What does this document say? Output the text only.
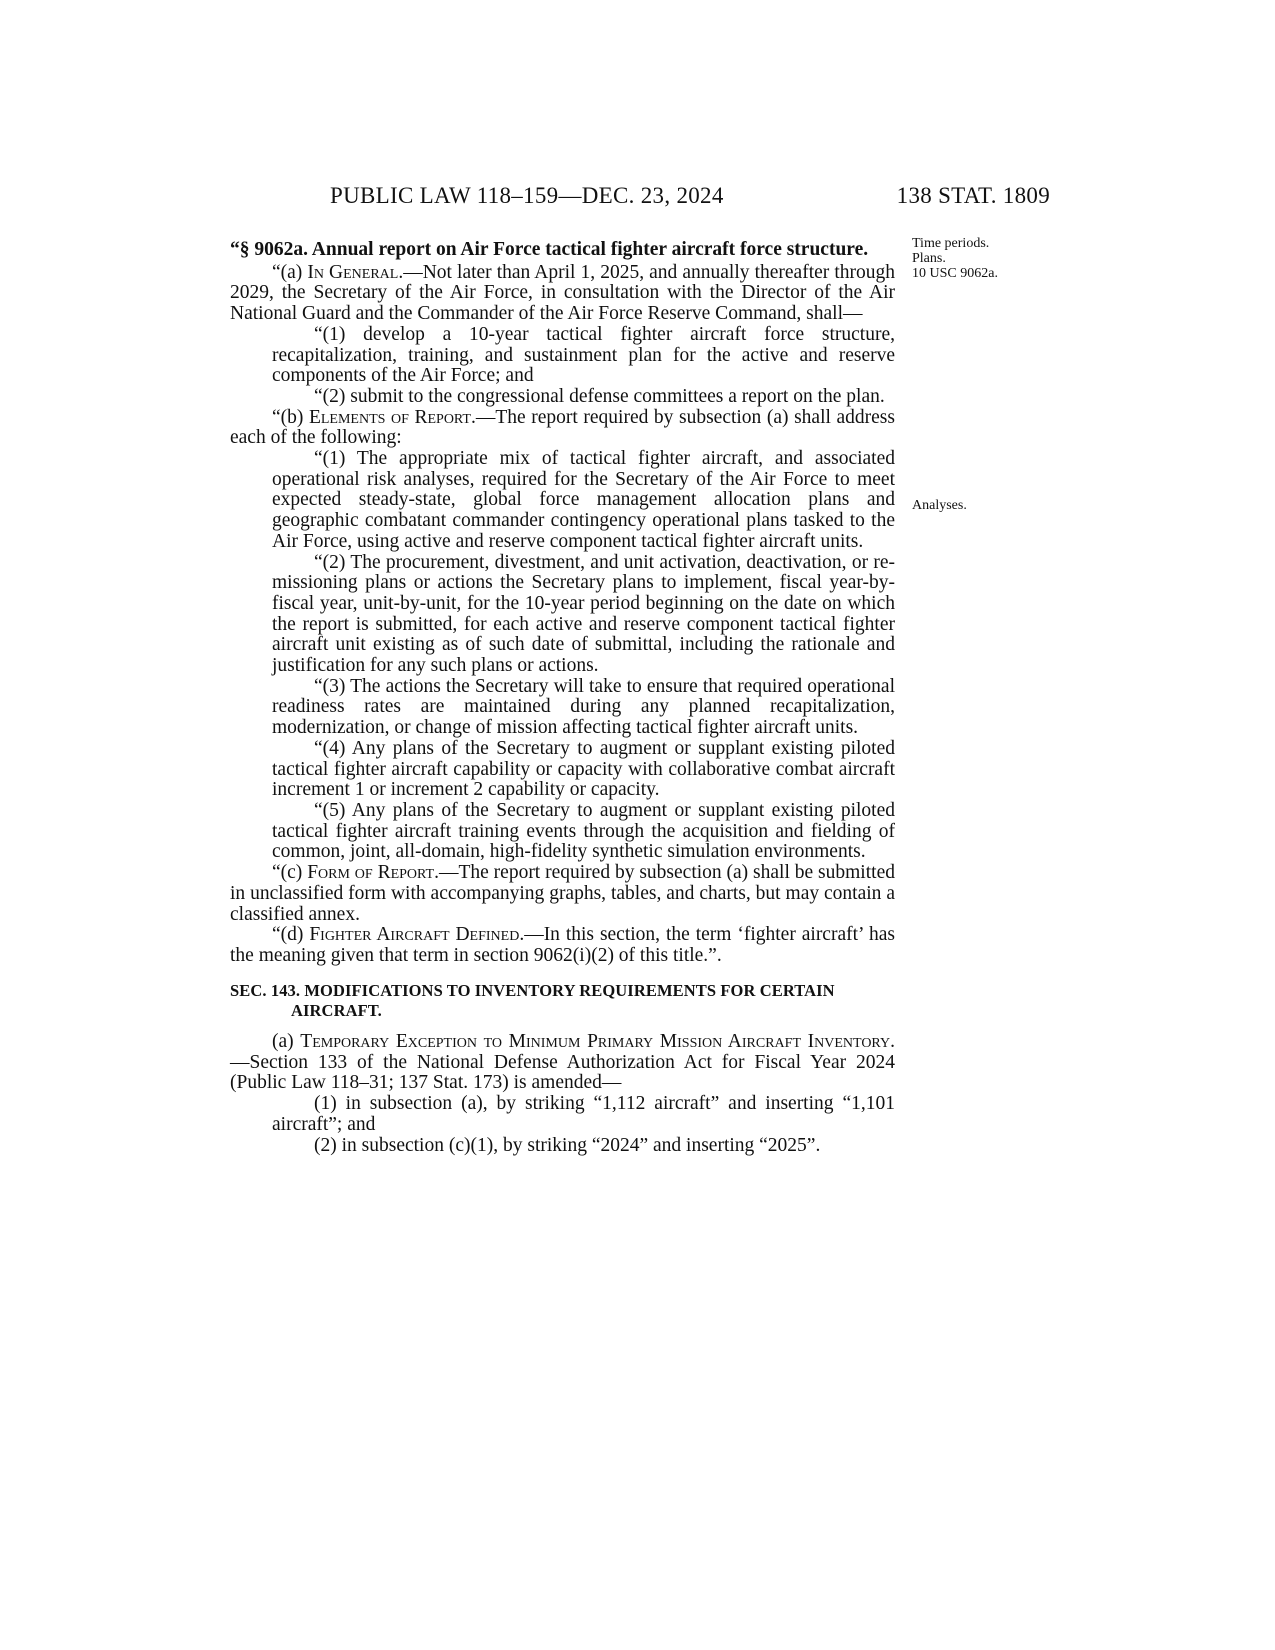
PUBLIC LAW 118–159—DEC. 23, 2024	138 STAT. 1809
Time periods.
Plans.
10 USC 9062a.
Analyses.
“§ 9062a. Annual report on Air Force tactical fighter aircraft force structure.

“(a) In General.—Not later than April 1, 2025, and annually thereafter through 2029, the Secretary of the Air Force, in consultation with the Director of the Air National Guard and the Commander of the Air Force Reserve Command, shall—

“(1) develop a 10-year tactical fighter aircraft force structure, recapitalization, training, and sustainment plan for the active and reserve components of the Air Force; and

“(2) submit to the congressional defense committees a report on the plan.

“(b) Elements of Report.—The report required by subsection (a) shall address each of the following:

“(1) The appropriate mix of tactical fighter aircraft, and associated operational risk analyses, required for the Secretary of the Air Force to meet expected steady-state, global force management allocation plans and geographic combatant commander contingency operational plans tasked to the Air Force, using active and reserve component tactical fighter aircraft units.

“(2) The procurement, divestment, and unit activation, deactivation, or re-missioning plans or actions the Secretary plans to implement, fiscal year-by-fiscal year, unit-by-unit, for the 10-year period beginning on the date on which the report is submitted, for each active and reserve component tactical fighter aircraft unit existing as of such date of submittal, including the rationale and justification for any such plans or actions.

“(3) The actions the Secretary will take to ensure that required operational readiness rates are maintained during any planned recapitalization, modernization, or change of mission affecting tactical fighter aircraft units.

“(4) Any plans of the Secretary to augment or supplant existing piloted tactical fighter aircraft capability or capacity with collaborative combat aircraft increment 1 or increment 2 capability or capacity.

“(5) Any plans of the Secretary to augment or supplant existing piloted tactical fighter aircraft training events through the acquisition and fielding of common, joint, all-domain, high-fidelity synthetic simulation environments.

“(c) Form of Report.—The report required by subsection (a) shall be submitted in unclassified form with accompanying graphs, tables, and charts, but may contain a classified annex.

“(d) Fighter Aircraft Defined.—In this section, the term ‘fighter aircraft’ has the meaning given that term in section 9062(i)(2) of this title.”.

SEC. 143. MODIFICATIONS TO INVENTORY REQUIREMENTS FOR CERTAIN AIRCRAFT.

(a) Temporary Exception to Minimum Primary Mission Aircraft Inventory.—Section 133 of the National Defense Authorization Act for Fiscal Year 2024 (Public Law 118–31; 137 Stat. 173) is amended—

(1) in subsection (a), by striking “1,112 aircraft” and inserting “1,101 aircraft”; and

(2) in subsection (c)(1), by striking “2024” and inserting “2025”.
